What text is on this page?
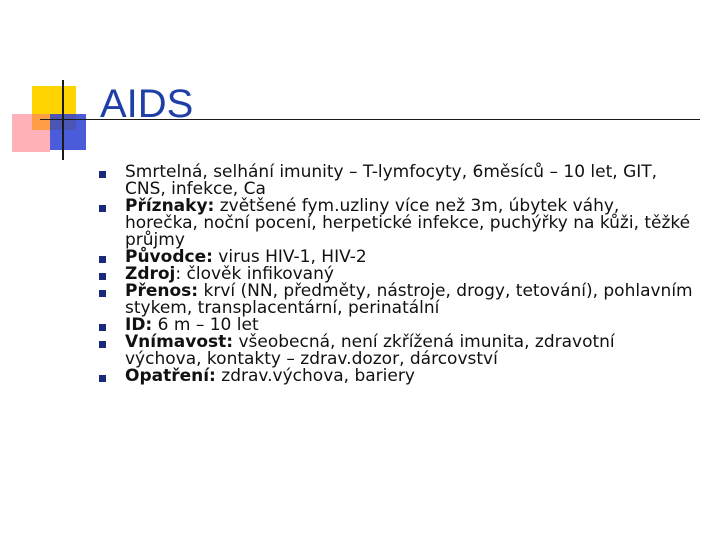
AIDS
Smrtelná, selhání imunity – T-lymfocyty, 6měsíců – 10 let, GIT, CNS, infekce, Ca
Příznaky: zvětšené fym.uzliny více než 3m, úbytek váhy, horečka, noční pocení, herpetické infekce, puchýřky na kůži, těžké průjmy
Původce: virus HIV-1, HIV-2
Zdroj: člověk infikovaný
Přenos: krví (NN, předměty, nástroje, drogy, tetování), pohlavním stykem, transplacentární, perinatální
ID: 6 m – 10 let
Vnímavost: všeobecná, není zkřížená imunita, zdravotní výchova, kontakty – zdrav.dozor, dárcovství
Opatření: zdrav.výchova, bariery
